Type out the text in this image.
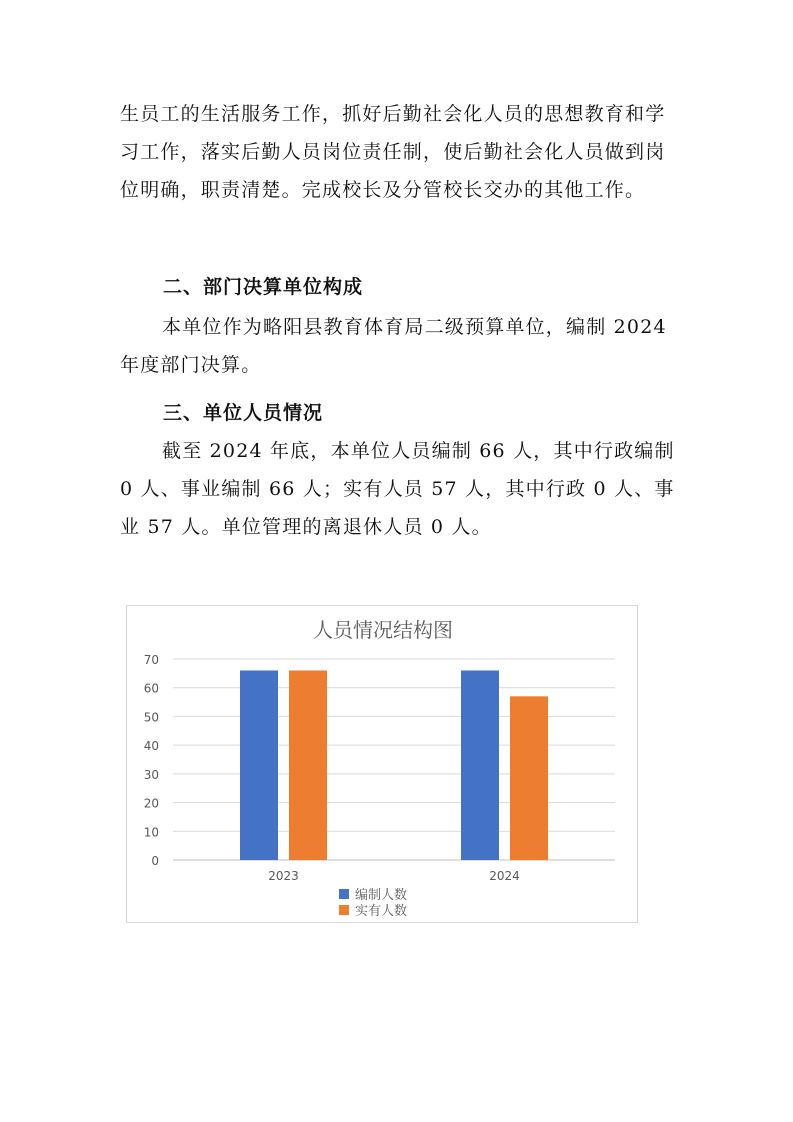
生员工的生活服务工作，抓好后勤社会化人员的思想教育和学习工作，落实后勤人员岗位责任制，使后勤社会化人员做到岗位明确，职责清楚。完成校长及分管校长交办的其他工作。

二、部门决算单位构成

本单位作为略阳县教育体育局二级预算单位，编制 2024 年度部门决算。

三、单位人员情况

截至 2024 年底，本单位人员编制 66 人，其中行政编制 0 人、事业编制 66 人；实有人员 57 人，其中行政 0 人、事业 57 人。单位管理的离退休人员 0 人。

人员情况结构图
0
10
20
30
40
50
60
70
2023	2024
编制人数
实有人数
